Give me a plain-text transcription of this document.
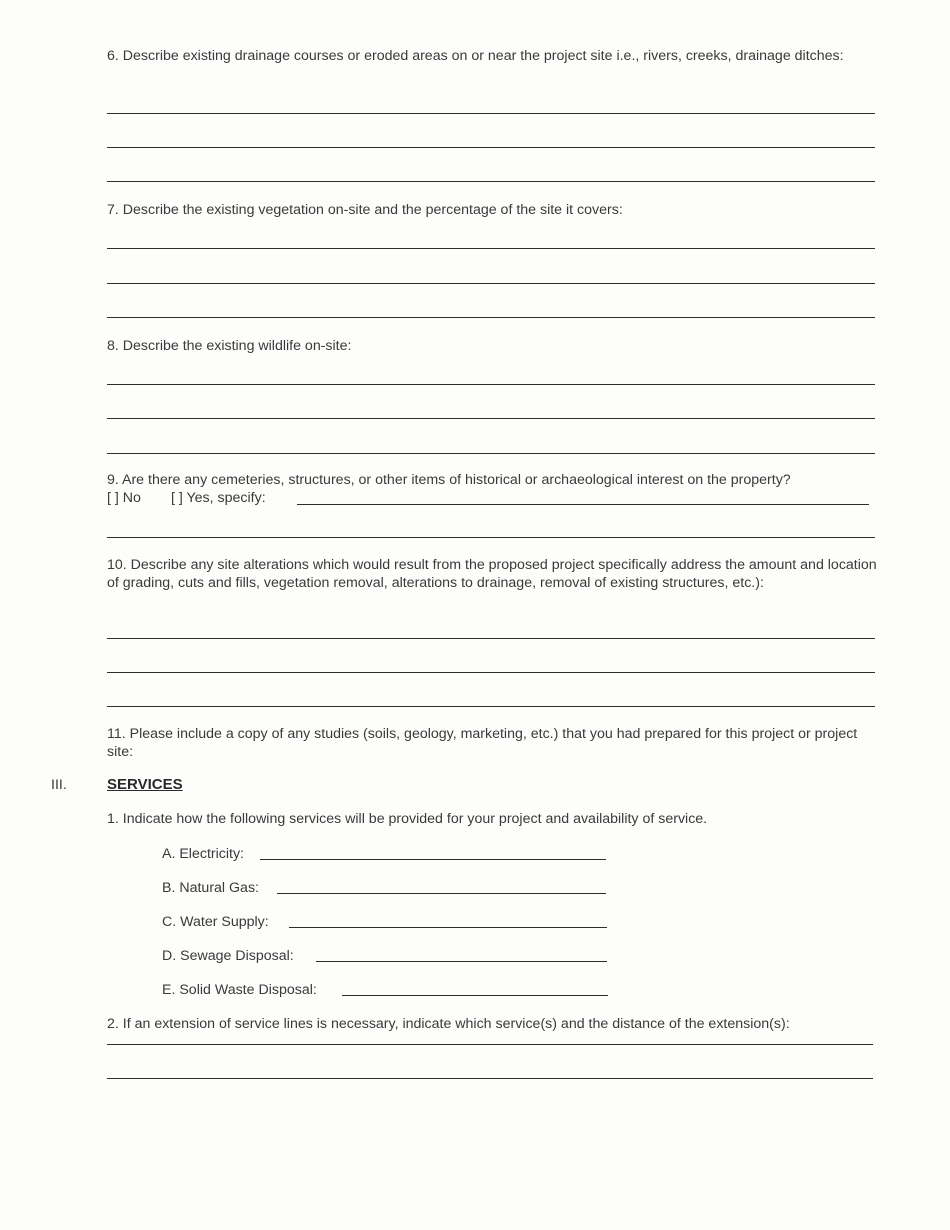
6. Describe existing drainage courses or eroded areas on or near the project site i.e., rivers, creeks, drainage ditches:
7. Describe the existing vegetation on-site and the percentage of the site it covers:
8. Describe the existing wildlife on-site:
9. Are there any cemeteries, structures, or other items of historical or archaeological interest on the property?
[ ] No [ ] Yes, specify:
10. Describe any site alterations which would result from the proposed project specifically address the amount and location of grading, cuts and fills, vegetation removal, alterations to drainage, removal of existing structures, etc.):
11. Please include a copy of any studies (soils, geology, marketing, etc.) that you had prepared for this project or project site:
III.	SERVICES
1. Indicate how the following services will be provided for your project and availability of service.
A. Electricity:
B. Natural Gas:
C. Water Supply:
D. Sewage Disposal:
E. Solid Waste Disposal:
2. If an extension of service lines is necessary, indicate which service(s) and the distance of the extension(s):
